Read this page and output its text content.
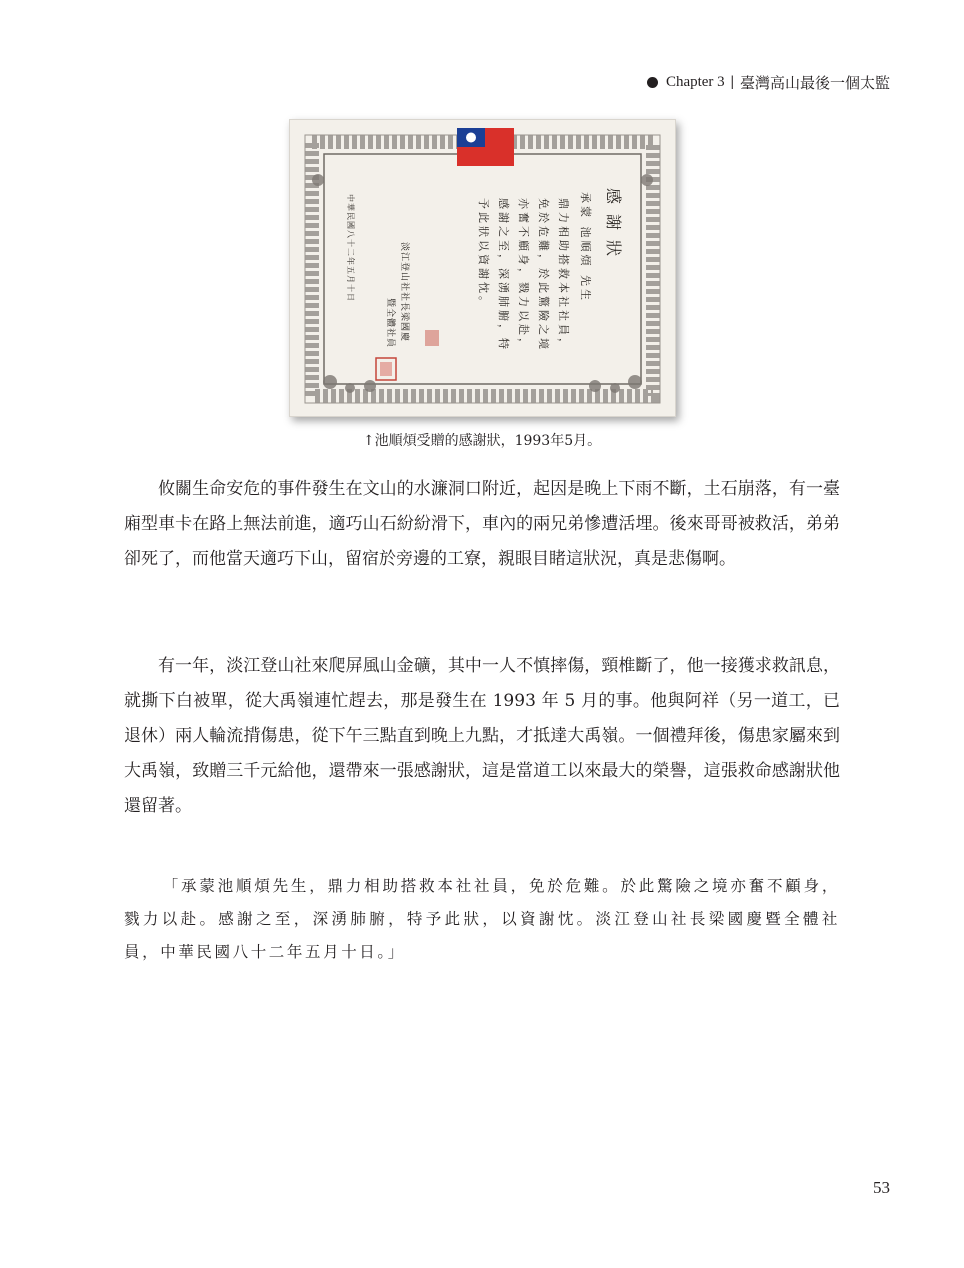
Chapter 3 | 臺灣高山最後一個太監
感謝狀
承蒙 池順煩 先生
鼎力相助搭救本社社員，
免於危難，於此驚險之境
亦奮不顧身，戮力以赴，
感謝之至，深湧肺腑，特
予此狀以資謝忱。
淡江登山社社長梁國慶
暨全體社員
中華民國八十二年五月十日
↑池順煩受贈的感謝狀，1993年5月。

攸關生命安危的事件發生在文山的水濂洞口附近，起因是晚上下雨不斷，土石崩落，有一臺廂型車卡在路上無法前進，適巧山石紛紛滑下，車內的兩兄弟慘遭活埋。後來哥哥被救活，弟弟卻死了，而他當天適巧下山，留宿於旁邊的工寮，親眼目睹這狀況，真是悲傷啊。

有一年，淡江登山社來爬屏風山金礦，其中一人不慎摔傷，頸椎斷了，他一接獲求救訊息，就撕下白被單，從大禹嶺連忙趕去，那是發生在 1993 年 5 月的事。他與阿祥（另一道工，已退休）兩人輪流揹傷患，從下午三點直到晚上九點，才抵達大禹嶺。一個禮拜後，傷患家屬來到大禹嶺，致贈三千元給他，還帶來一張感謝狀，這是當道工以來最大的榮譽，這張救命感謝狀他還留著。

「承蒙池順煩先生，鼎力相助搭救本社社員，免於危難。於此驚險之境亦奮不顧身，戮力以赴。感謝之至，深湧肺腑，特予此狀，以資謝忱。淡江登山社長梁國慶暨全體社員，中華民國八十二年五月十日。」

53
